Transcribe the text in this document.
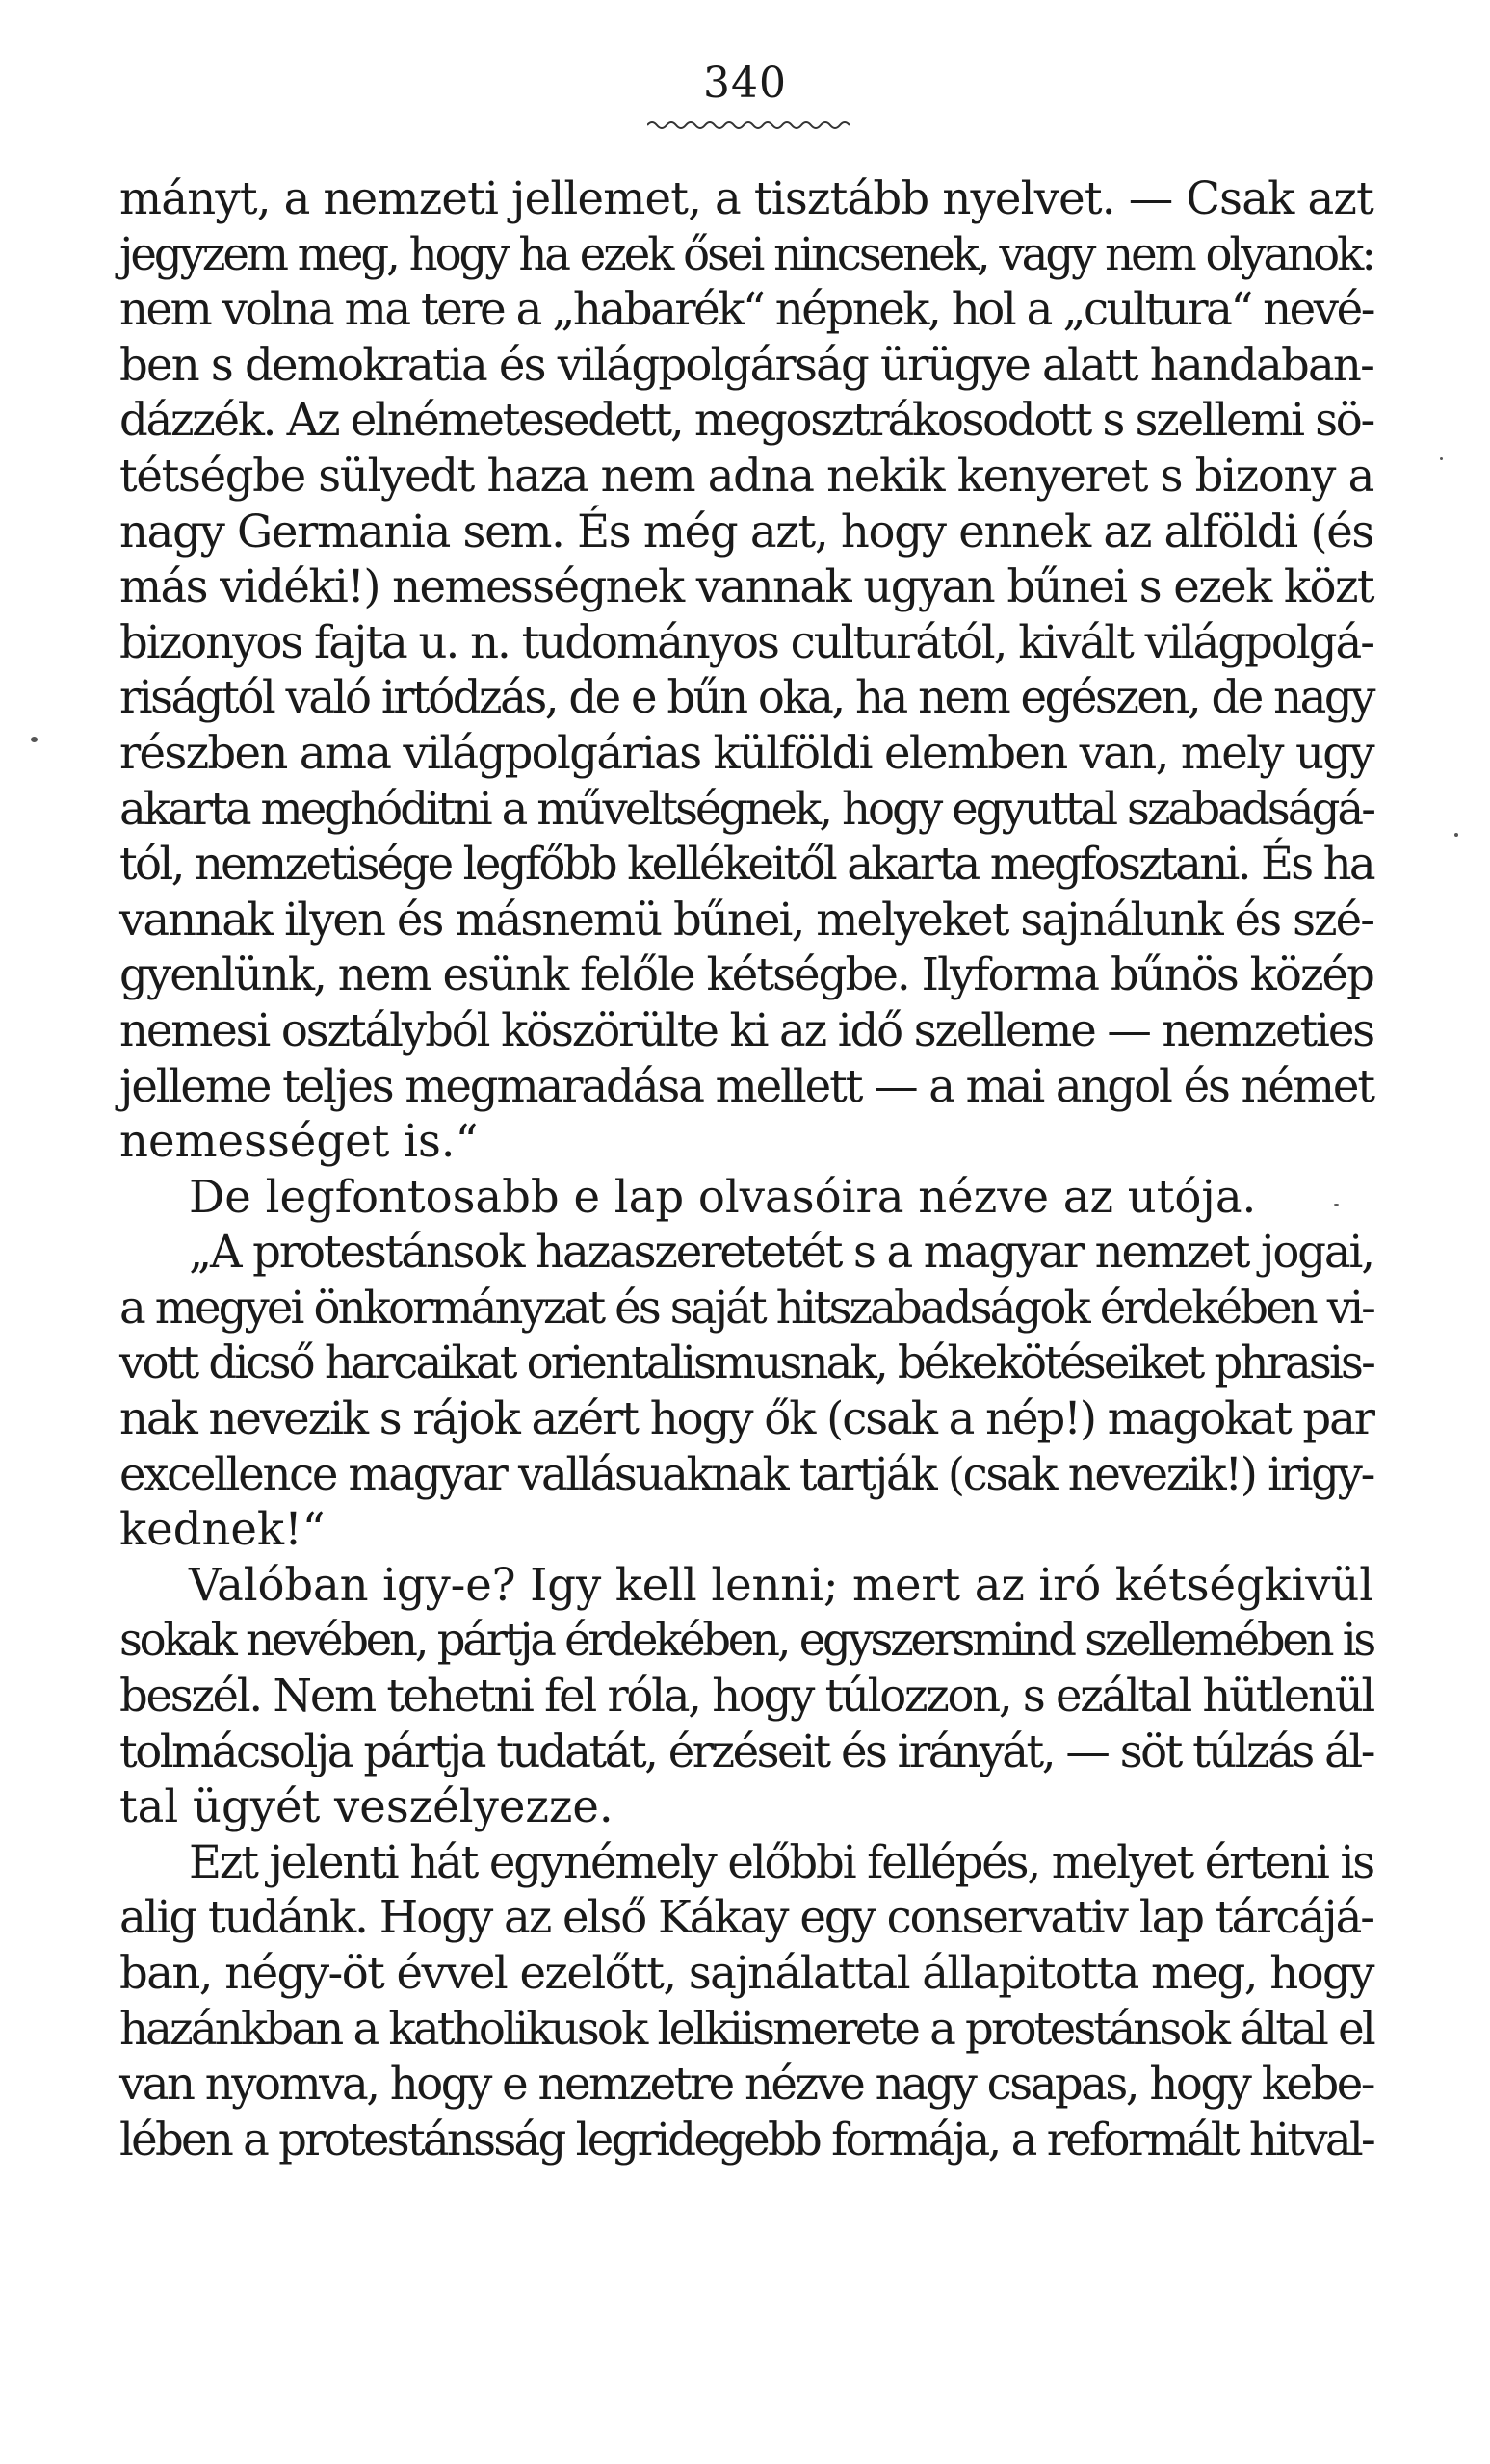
340
mányt, a nemzeti jellemet, a tisztább nyelvet. — Csak azt
jegyzem meg, hogy ha ezek ősei nincsenek, vagy nem olyanok:
nem volna ma tere a „habarék“ népnek, hol a „cultura“ nevé-
ben s demokratia és világpolgárság ürügye alatt handaban-
dázzék. Az elnémetesedett, megosztrákosodott s szellemi sö-
tétségbe sülyedt haza nem adna nekik kenyeret s bizony a
nagy Germania sem. És még azt, hogy ennek az alföldi (és
más vidéki!) nemességnek vannak ugyan bűnei s ezek közt
bizonyos fajta u. n. tudományos culturától, kivált világpolgá-
riságtól való irtódzás, de e bűn oka, ha nem egészen, de nagy
részben ama világpolgárias külföldi elemben van, mely ugy
akarta meghóditni a műveltségnek, hogy egyuttal szabadságá-
tól, nemzetisége legfőbb kellékeitől akarta megfosztani. És ha
vannak ilyen és másnemü bűnei, melyeket sajnálunk és szé-
gyenlünk, nem esünk felőle kétségbe. Ilyforma bűnös közép
nemesi osztályból köszörülte ki az idő szelleme — nemzeties
jelleme teljes megmaradása mellett — a mai angol és német
nemességet is.“
De legfontosabb e lap olvasóira nézve az utója.
„A protestánsok hazaszeretetét s a magyar nemzet jogai,
a megyei önkormányzat és saját hitszabadságok érdekében vi-
vott dicső harcaikat orientalismusnak, békekötéseiket phrasis-
nak nevezik s rájok azért hogy ők (csak a nép!) magokat par
excellence magyar vallásuaknak tartják (csak nevezik!) irigy-
kednek!“
Valóban igy-e? Igy kell lenni; mert az iró kétségkivül
sokak nevében, pártja érdekében, egyszersmind szellemében is
beszél. Nem tehetni fel róla, hogy túlozzon, s ezáltal hütlenül
tolmácsolja pártja tudatát, érzéseit és irányát, — söt túlzás ál-
tal ügyét veszélyezze.
Ezt jelenti hát egynémely előbbi fellépés, melyet érteni is
alig tudánk. Hogy az első Kákay egy conservativ lap tárcájá-
ban, négy-öt évvel ezelőtt, sajnálattal állapitotta meg, hogy
hazánkban a katholikusok lelkiismerete a protestánsok által el
van nyomva, hogy e nemzetre nézve nagy csapas, hogy kebe-
lében a protestánsság legridegebb formája, a reformált hitval-
